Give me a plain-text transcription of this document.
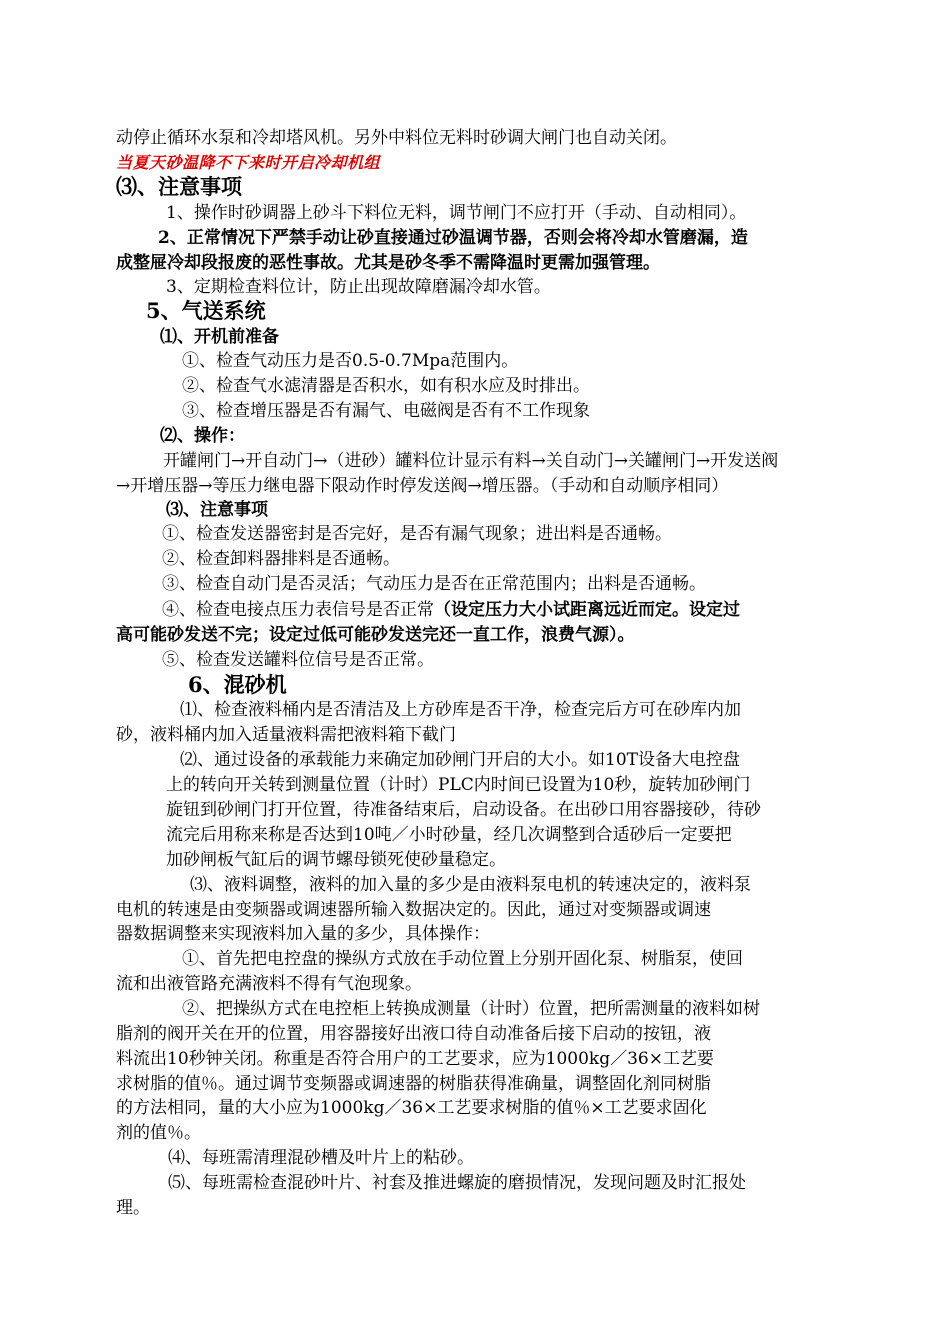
动停止循环水泵和冷却塔风机。另外中料位无料时砂调大闸门也自动关闭。
当夏天砂温降不下来时开启冷却机组
⑶、注意事项
1、操作时砂调器上砂斗下料位无料，调节闸门不应打开（手动、自动相同）。
2、正常情况下严禁手动让砂直接通过砂温调节器，否则会将冷却水管磨漏，造
成整屉冷却段报废的恶性事故。尤其是砂冬季不需降温时更需加强管理。
3、定期检查料位计，防止出现故障磨漏冷却水管。
5、气送系统
⑴、开机前准备
①、检查气动压力是否0.5-0.7Mpa范围内。
②、检查气水滤清器是否积水，如有积水应及时排出。
③、检查增压器是否有漏气、电磁阀是否有不工作现象
⑵、操作：
开罐闸门→开自动门→（进砂）罐料位计显示有料→关自动门→关罐闸门→开发送阀
→开增压器→等压力继电器下限动作时停发送阀→增压器。（手动和自动顺序相同）
⑶、注意事项
①、检查发送器密封是否完好，是否有漏气现象；进出料是否通畅。
②、检查卸料器排料是否通畅。
③、检查自动门是否灵活；气动压力是否在正常范围内；出料是否通畅。
④、检查电接点压力表信号是否正常（设定压力大小试距离远近而定。设定过
高可能砂发送不完；设定过低可能砂发送完还一直工作，浪费气源）。
⑤、检查发送罐料位信号是否正常。
6、混砂机
⑴、检查液料桶内是否清洁及上方砂库是否干净，检查完后方可在砂库内加
砂，液料桶内加入适量液料需把液料箱下截门
⑵、通过设备的承载能力来确定加砂闸门开启的大小。如10T设备大电控盘
上的转向开关转到测量位置（计时）PLC内时间已设置为10秒，旋转加砂闸门
旋钮到砂闸门打开位置，待准备结束后，启动设备。在出砂口用容器接砂，待砂
流完后用称来称是否达到10吨／小时砂量，经几次调整到合适砂后一定要把
加砂闸板气缸后的调节螺母锁死使砂量稳定。
⑶、液料调整，液料的加入量的多少是由液料泵电机的转速决定的，液料泵
电机的转速是由变频器或调速器所输入数据决定的。因此，通过对变频器或调速
器数据调整来实现液料加入量的多少，具体操作：
①、首先把电控盘的操纵方式放在手动位置上分别开固化泵、树脂泵，使回
流和出液管路充满液料不得有气泡现象。
②、把操纵方式在电控柜上转换成测量（计时）位置，把所需测量的液料如树
脂剂的阀开关在开的位置，用容器接好出液口待自动准备后接下启动的按钮，液
料流出10秒钟关闭。称重是否符合用户的工艺要求，应为1000kg／36×工艺要
求树脂的值％。通过调节变频器或调速器的树脂获得准确量，调整固化剂同树脂
的方法相同，量的大小应为1000kg／36×工艺要求树脂的值％×工艺要求固化
剂的值％。
⑷、每班需清理混砂槽及叶片上的粘砂。
⑸、每班需检查混砂叶片、衬套及推进螺旋的磨损情况，发现问题及时汇报处
理。
